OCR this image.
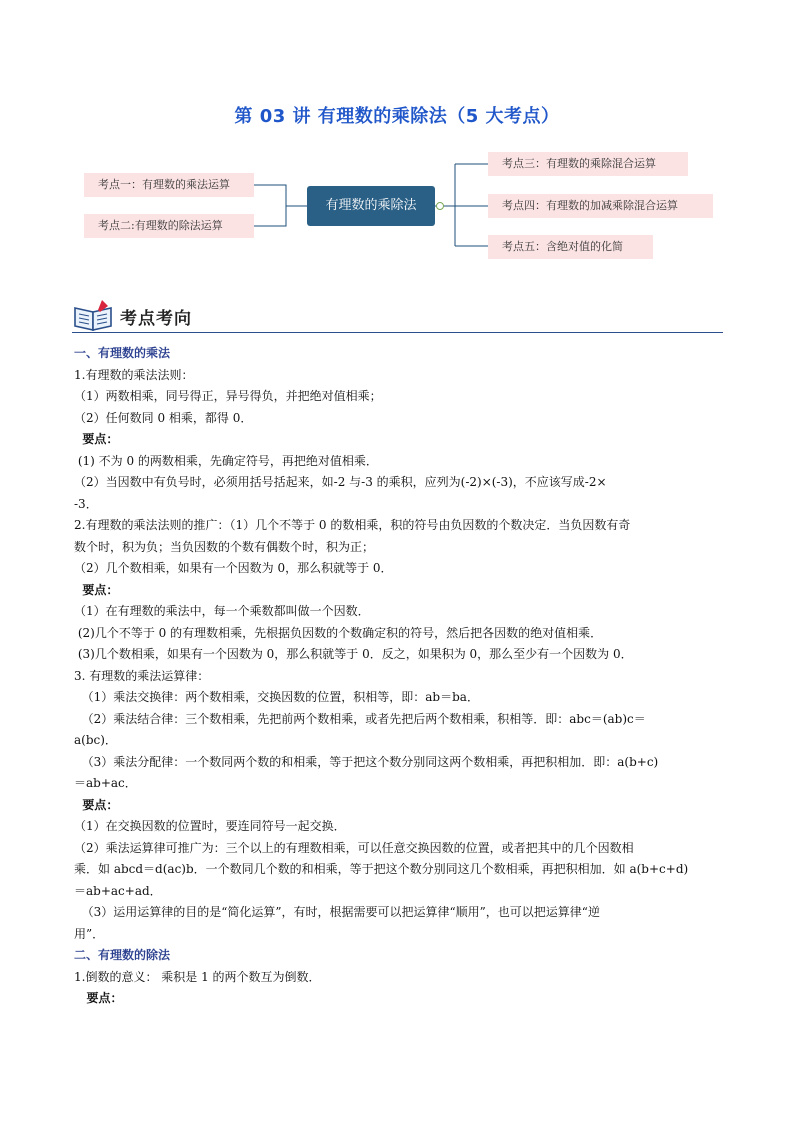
第 03 讲 有理数的乘除法（5 大考点）
考点一：有理数的乘法运算
考点二:有理数的除法运算
有理数的乘除法
考点三：有理数的乘除混合运算
考点四：有理数的加减乘除混合运算
考点五：含绝对值的化简
考点考向

一、有理数的乘法

1.有理数的乘法法则：

（1）两数相乘，同号得正，异号得负，并把绝对值相乘；

（2）任何数同 0 相乘，都得 0．

要点：

(1) 不为 0 的两数相乘，先确定符号，再把绝对值相乘．

（2）当因数中有负号时，必须用括号括起来，如-2 与-3 的乘积，应列为(-2)×(-3)，不应该写成-2×

-3．

2.有理数的乘法法则的推广：（1）几个不等于 0 的数相乘，积的符号由负因数的个数决定．当负因数有奇

数个时，积为负；当负因数的个数有偶数个时，积为正；

（2）几个数相乘，如果有一个因数为 0，那么积就等于 0．

要点：

（1）在有理数的乘法中，每一个乘数都叫做一个因数．

(2)几个不等于 0 的有理数相乘，先根据负因数的个数确定积的符号，然后把各因数的绝对值相乘．

(3)几个数相乘，如果有一个因数为 0，那么积就等于 0．反之，如果积为 0，那么至少有一个因数为 0．

3. 有理数的乘法运算律：

（1）乘法交换律：两个数相乘，交换因数的位置，积相等，即：ab＝ba．

（2）乘法结合律：三个数相乘，先把前两个数相乘，或者先把后两个数相乘，积相等．即：abc＝(ab)c＝

a(bc)．

（3）乘法分配律：一个数同两个数的和相乘，等于把这个数分别同这两个数相乘，再把积相加．即：a(b+c)

＝ab+ac．

要点：

（1）在交换因数的位置时，要连同符号一起交换．

（2）乘法运算律可推广为：三个以上的有理数相乘，可以任意交换因数的位置，或者把其中的几个因数相

乘．如 abcd＝d(ac)b．一个数同几个数的和相乘，等于把这个数分别同这几个数相乘，再把积相加．如 a(b+c+d)

＝ab+ac+ad．

（3）运用运算律的目的是“简化运算”，有时，根据需要可以把运算律“顺用”，也可以把运算律“逆

用”．

二、有理数的除法

1.倒数的意义： 乘积是 1 的两个数互为倒数．

要点：
